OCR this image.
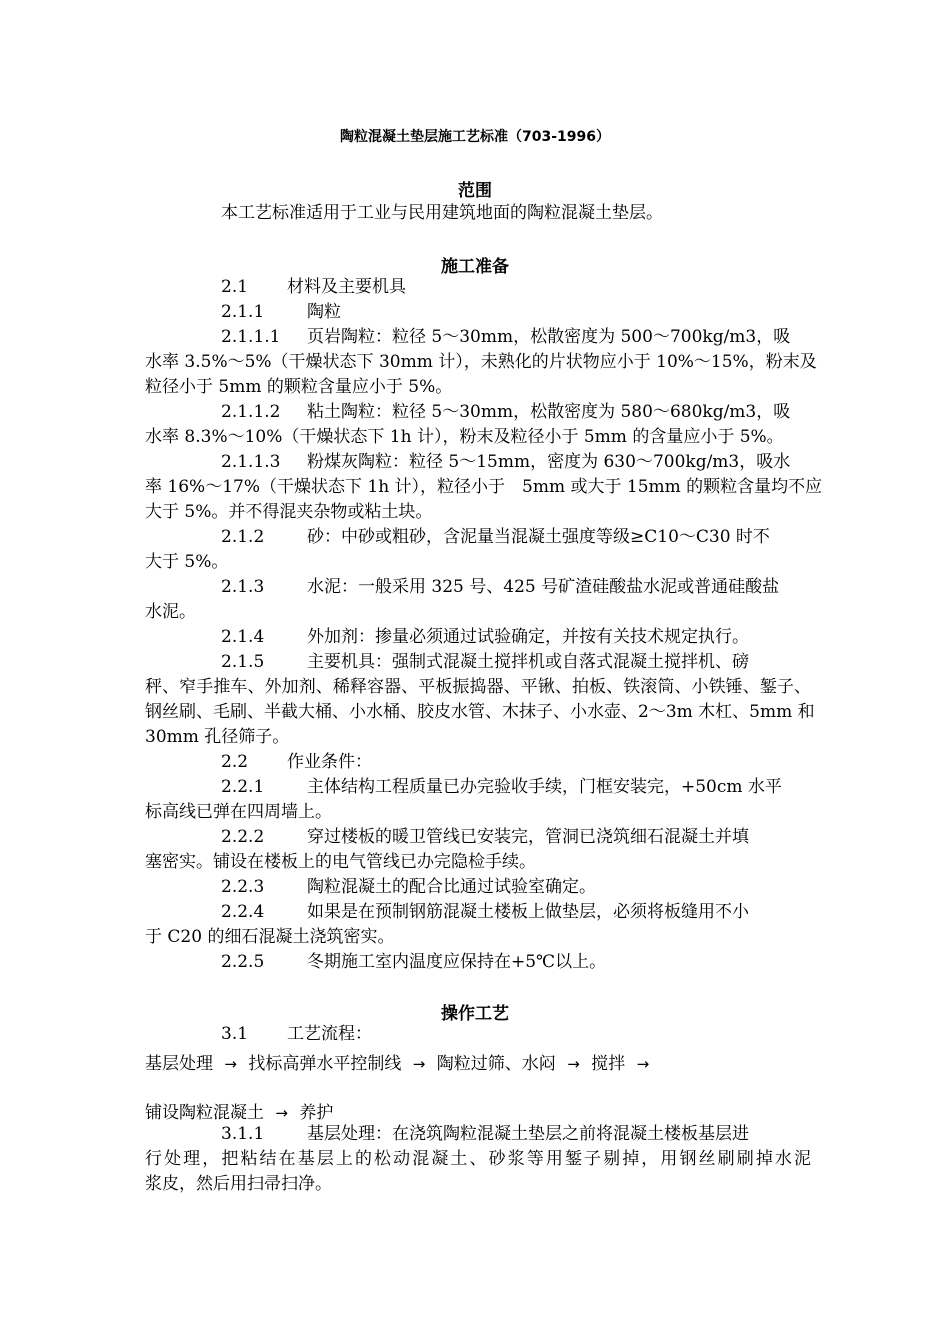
陶粒混凝土垫层施工艺标准（703-1996）
范围
本工艺标准适用于工业与民用建筑地面的陶粒混凝土垫层。
施工准备
2.1 材料及主要机具
2.1.1	陶粒
2.1.1.1 页岩陶粒：粒径 5～30mm，松散密度为 500～700kg/m3，吸
水率 3.5%～5%（干燥状态下 30mm 计），未熟化的片状物应小于 10%～15%，粉末及
粒径小于 5mm 的颗粒含量应小于 5%。
2.1.1.2 粘土陶粒：粒径 5～30mm，松散密度为 580～680kg/m3，吸
水率 8.3%～10%（干燥状态下 1h 计），粉末及粒径小于 5mm 的含量应小于 5%。
2.1.1.3 粉煤灰陶粒：粒径 5～15mm，密度为 630～700kg/m3，吸水
率 16%～17%（干燥状态下 1h 计），粒径小于　5mm 或大于 15mm 的颗粒含量均不应
大于 5%。并不得混夹杂物或粘土块。
2.1.2	砂：中砂或粗砂，含泥量当混凝土强度等级≥C10～C30 时不
大于 5%。
2.1.3	水泥：一般采用 325 号、425 号矿渣硅酸盐水泥或普通硅酸盐
水泥。
2.1.4	外加剂：掺量必须通过试验确定，并按有关技术规定执行。
2.1.5	主要机具：强制式混凝土搅拌机或自落式混凝土搅拌机、磅
秤、窄手推车、外加剂、稀释容器、平板振捣器、平锹、拍板、铁滚筒、小铁锤、錾子、
钢丝刷、毛刷、半截大桶、小水桶、胶皮水管、木抹子、小水壶、2～3m 木杠、5mm 和
30mm 孔径筛子。
2.2 作业条件：
2.2.1	主体结构工程质量已办完验收手续，门框安装完，+50cm 水平
标高线已弹在四周墙上。
2.2.2	穿过楼板的暖卫管线已安装完，管洞已浇筑细石混凝土并填
塞密实。铺设在楼板上的电气管线已办完隐检手续。
2.2.3	陶粒混凝土的配合比通过试验室确定。
2.2.4	如果是在预制钢筋混凝土楼板上做垫层，必须将板缝用不小
于 C20 的细石混凝土浇筑密实。
2.2.5	冬期施工室内温度应保持在+5℃以上。
操作工艺
3.1 工艺流程：
基层处理 → 找标高弹水平控制线 → 陶粒过筛、水闷 → 搅拌 →
铺设陶粒混凝土 → 养护
3.1.1	基层处理：在浇筑陶粒混凝土垫层之前将混凝土楼板基层进
行处理，把粘结在基层上的松动混凝土、砂浆等用錾子剔掉，用钢丝刷刷掉水泥
浆皮，然后用扫帚扫净。
